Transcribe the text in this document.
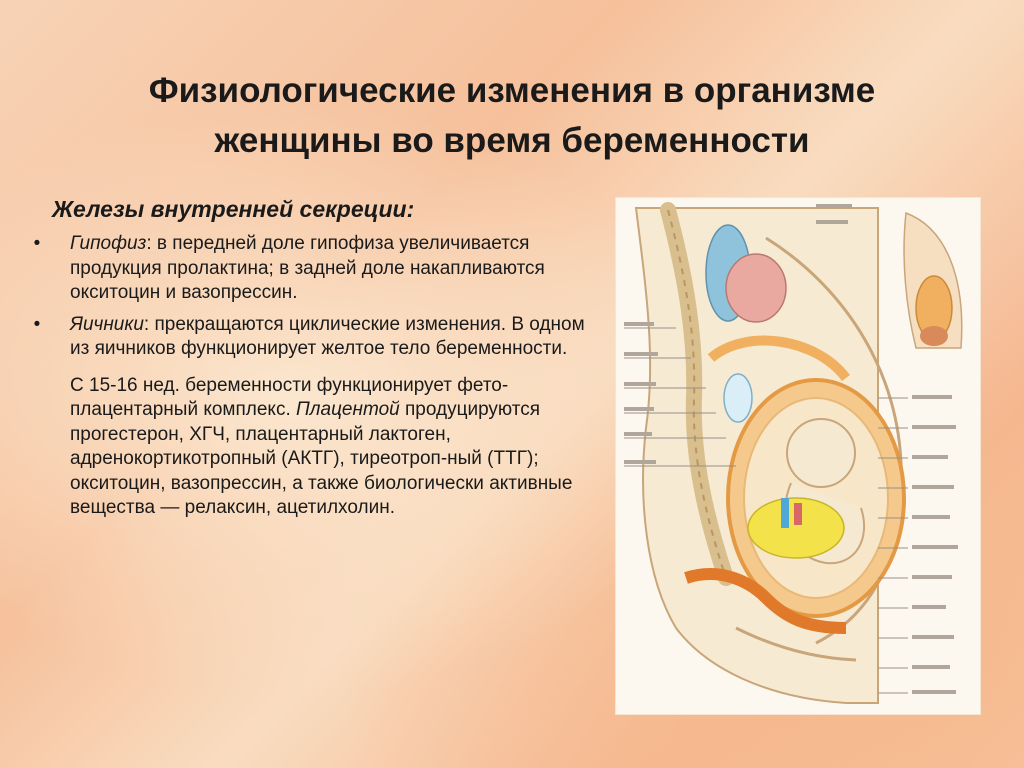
Физиологические изменения в организме
женщины во время беременности
Железы внутренней секреции:
• Гипофиз: в передней доле гипофиза увеличивается продукция пролактина; в задней доле накапливаются окситоцин и вазопрессин.
• Яичники: прекращаются циклические изменения. В одном из яичников функционирует желтое тело беременности.
С 15-16 нед. беременности функционирует фето-плацентарный комплекс. Плацентой продуцируются прогестерон, ХГЧ, плацентарный лактоген, адренокортикотропный (АКТГ), тиреотроп-ный (ТТГ); окситоцин, вазопрессин, а также биологически активные вещества — релаксин, ацетилхолин.
